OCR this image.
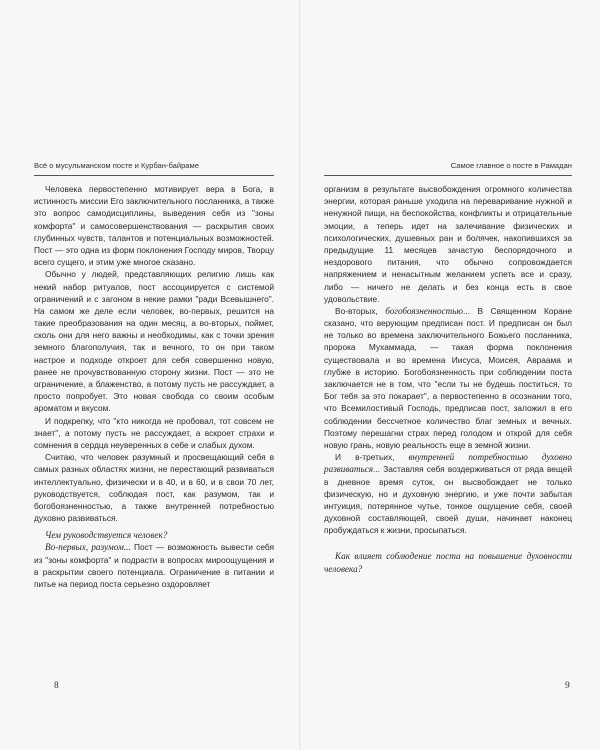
Всё о мусульманском посте и Курбан-байраме

Человека первостепенно мотивирует вера в Бога, в истинность миссии Его заключительного посланника, а также это вопрос самодисциплины, выведения себя из "зоны комфорта" и самосовершенствования — раскрытия своих глубинных чувств, талантов и потенциальных возможностей. Пост — это одна из форм поклонения Господу миров, Творцу всего сущего, и этим уже многое сказано.

Обычно у людей, представляющих религию лишь как некий набор ритуалов, пост ассоциируется с системой ограничений и с загоном в некие рамки "ради Всевышнего". На самом же деле если человек, во-первых, решится на такие преобразования на один месяц, а во-вторых, поймет, сколь они для него важны и необходимы, как с точки зрения земного благополучия, так и вечного, то он при таком настрое и подходе откроет для себя совершенно новую, ранее не прочувствованную сторону жизни. Пост — это не ограничение, а блаженство, а потому пусть не рассуждает, а просто попробует. Это новая свобода со своим особым ароматом и вкусом.

И подкрепку, что "кто никогда не пробовал, тот совсем не знает", а потому пусть не рассуждает, а вскроет страхи и сомнения в сердца неуверенных в себе и слабых духом.

Считаю, что человек разумный и просвещающий себя в самых разных областях жизни, не перестающий развиваться интеллектуально, физически и в 40, и в 60, и в свои 70 лет, руководствуется, соблюдая пост, как разумом, так и богобоязненностью, а также внутренней потребностью духовно развиваться.

Чем руководствуется человек?

Во-первых, разумом... Пост — возможность вывести себя из "зоны комфорта" и подрасти в вопросах мироощущения и в раскрытии своего потенциала. Ограничение в питании и питье на период поста серьезно оздоровляет

8
Самое главное о посте в Рамадан

организм в результате высвобождения огромного количества энергии, которая раньше уходила на переваривание нужной и ненужной пищи, на беспокойства, конфликты и отрицательные эмоции, а теперь идет на залечивание физических и психологических, душевных ран и болячек, накопившихся за предыдущие 11 месяцев зачастую беспорядочного и нездорового питания, что обычно сопровождается напряжением и ненасытным желанием успеть все и сразу, либо — ничего не делать и без конца есть в свое удовольствие.

Во-вторых, богобоязненностью... В Священном Коране сказано, что верующим предписан пост. И предписан он был не только во времена заключительного Божьего посланника, пророка Мухаммада, — такая форма поклонения существовала и во времена Иисуса, Моисея, Авраама и глубже в историю. Богобоязненность при соблюдении поста заключается не в том, что "если ты не будешь поститься, то Бог тебя за это покарает", а первостепенно в осознании того, что Всемилостивый Господь, предписав пост, заложил в его соблюдении бессчетное количество благ земных и вечных. Поэтому перешагни страх перед голодом и открой для себя новую грань, новую реальность еще в земной жизни.

И в-третьих, внутренней потребностью духовно развиваться... Заставляя себя воздерживаться от ряда вещей в дневное время суток, он высвобождает не только физическую, но и духовную энергию, и уже почти забытая интуиция, потерянное чутье, тонкое ощущение себя, своей духовной составляющей, своей души, начинает наконец пробуждаться к жизни, просыпаться.

Как влияет соблюдение поста на повышение духовности человека?

9
